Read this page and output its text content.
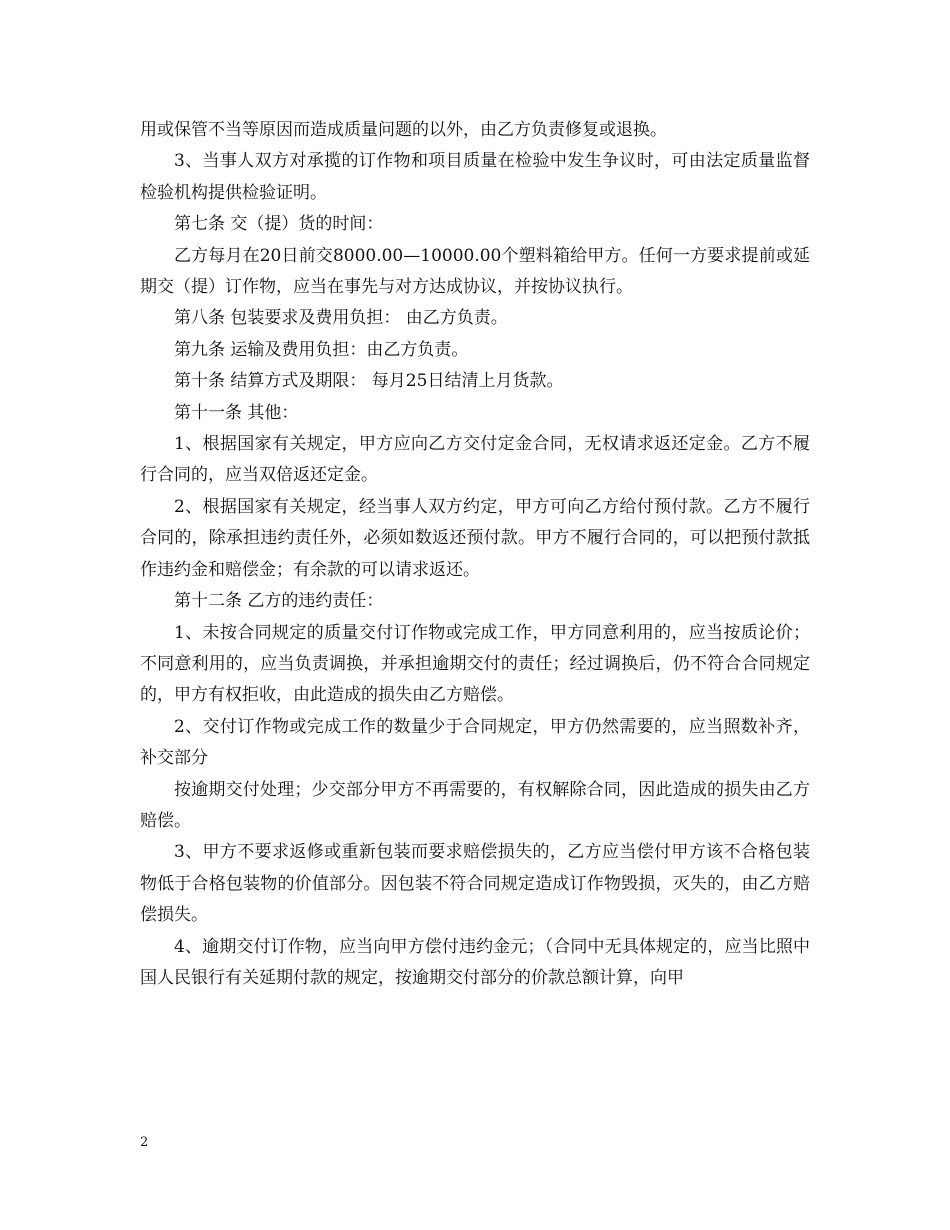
用或保管不当等原因而造成质量问题的以外，由乙方负责修复或退换。

3、当事人双方对承揽的订作物和项目质量在检验中发生争议时，可由法定质量监督检验机构提供检验证明。

第七条 交（提）货的时间：

乙方每月在20日前交8000.00—10000.00个塑料箱给甲方。任何一方要求提前或延期交（提）订作物，应当在事先与对方达成协议，并按协议执行。

第八条 包装要求及费用负担： 由乙方负责。

第九条 运输及费用负担：由乙方负责。

第十条 结算方式及期限： 每月25日结清上月货款。

第十一条 其他：

1、根据国家有关规定，甲方应向乙方交付定金合同，无权请求返还定金。乙方不履行合同的，应当双倍返还定金。

2、根据国家有关规定，经当事人双方约定，甲方可向乙方给付预付款。乙方不履行合同的，除承担违约责任外，必须如数返还预付款。甲方不履行合同的，可以把预付款抵作违约金和赔偿金；有余款的可以请求返还。

第十二条 乙方的违约责任：

1、未按合同规定的质量交付订作物或完成工作，甲方同意利用的，应当按质论价；不同意利用的，应当负责调换，并承担逾期交付的责任；经过调换后，仍不符合合同规定的，甲方有权拒收，由此造成的损失由乙方赔偿。

2、交付订作物或完成工作的数量少于合同规定，甲方仍然需要的，应当照数补齐，补交部分

按逾期交付处理；少交部分甲方不再需要的，有权解除合同，因此造成的损失由乙方赔偿。

3、甲方不要求返修或重新包装而要求赔偿损失的，乙方应当偿付甲方该不合格包装物低于合格包装物的价值部分。因包装不符合同规定造成订作物毁损，灭失的，由乙方赔偿损失。

4、逾期交付订作物，应当向甲方偿付违约金元；（合同中无具体规定的，应当比照中国人民银行有关延期付款的规定，按逾期交付部分的价款总额计算，向甲

2
